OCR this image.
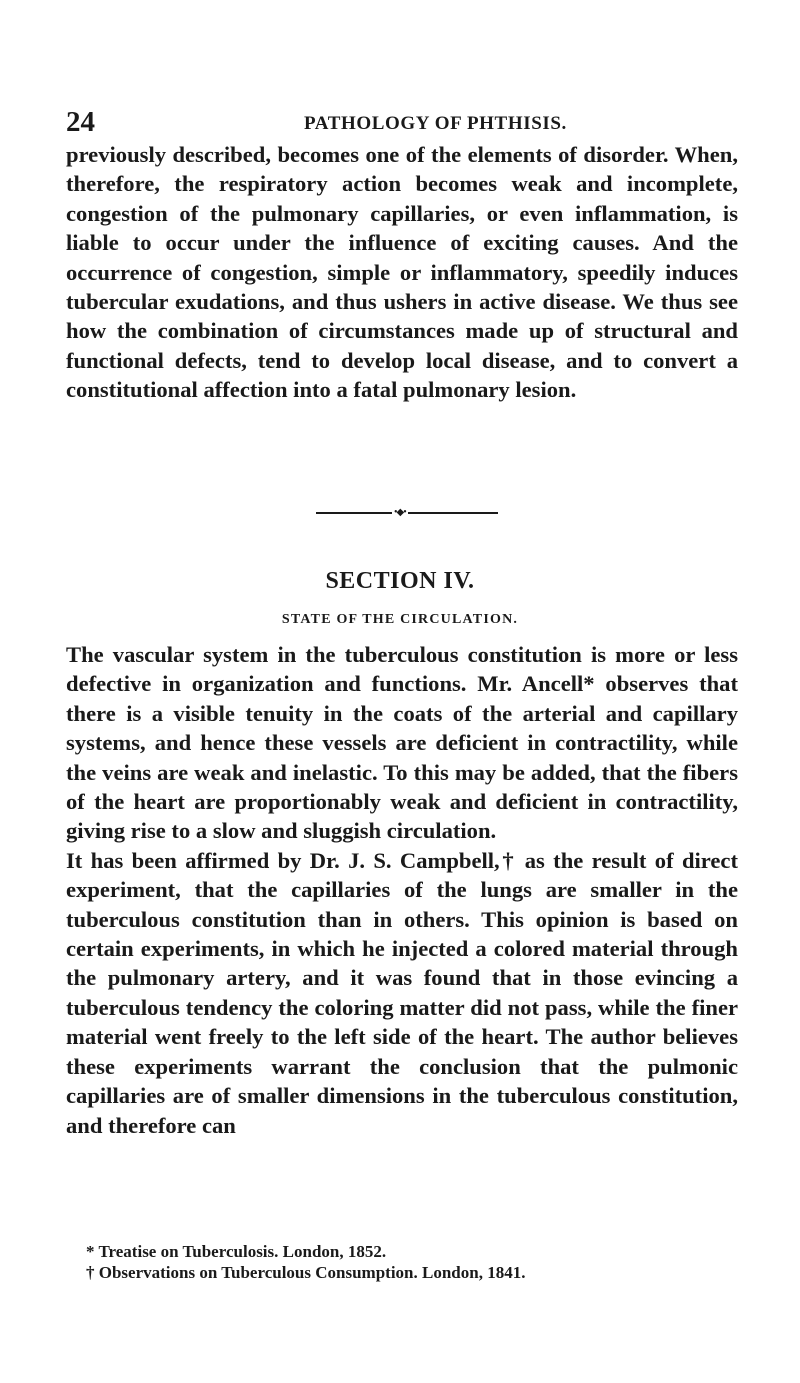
24	PATHOLOGY OF PHTHISIS.

previously described, becomes one of the elements of disorder. When, therefore, the respiratory action becomes weak and incomplete, congestion of the pulmonary capillaries, or even inflammation, is liable to occur under the influence of exciting causes. And the occurrence of congestion, simple or inflammatory, speedily induces tubercular exudations, and thus ushers in active disease. We thus see how the combination of circumstances made up of structural and functional defects, tend to develop local disease, and to convert a constitutional affection into a fatal pulmonary lesion.

•◆•
SECTION IV.
STATE OF THE CIRCULATION.

The vascular system in the tuberculous constitution is more or less defective in organization and functions. Mr. Ancell* observes that there is a visible tenuity in the coats of the arterial and capillary systems, and hence these vessels are deficient in contractility, while the veins are weak and inelastic. To this may be added, that the fibers of the heart are proportionably weak and deficient in contractility, giving rise to a slow and sluggish circulation.

It has been affirmed by Dr. J. S. Campbell,† as the result of direct experiment, that the capillaries of the lungs are smaller in the tuberculous constitution than in others. This opinion is based on certain experiments, in which he injected a colored material through the pulmonary artery, and it was found that in those evincing a tuberculous tendency the coloring matter did not pass, while the finer material went freely to the left side of the heart. The author believes these experiments warrant the conclusion that the pulmonic capillaries are of smaller dimensions in the tuberculous constitution, and therefore can

* Treatise on Tuberculosis. London, 1852.

† Observations on Tuberculous Consumption. London, 1841.
